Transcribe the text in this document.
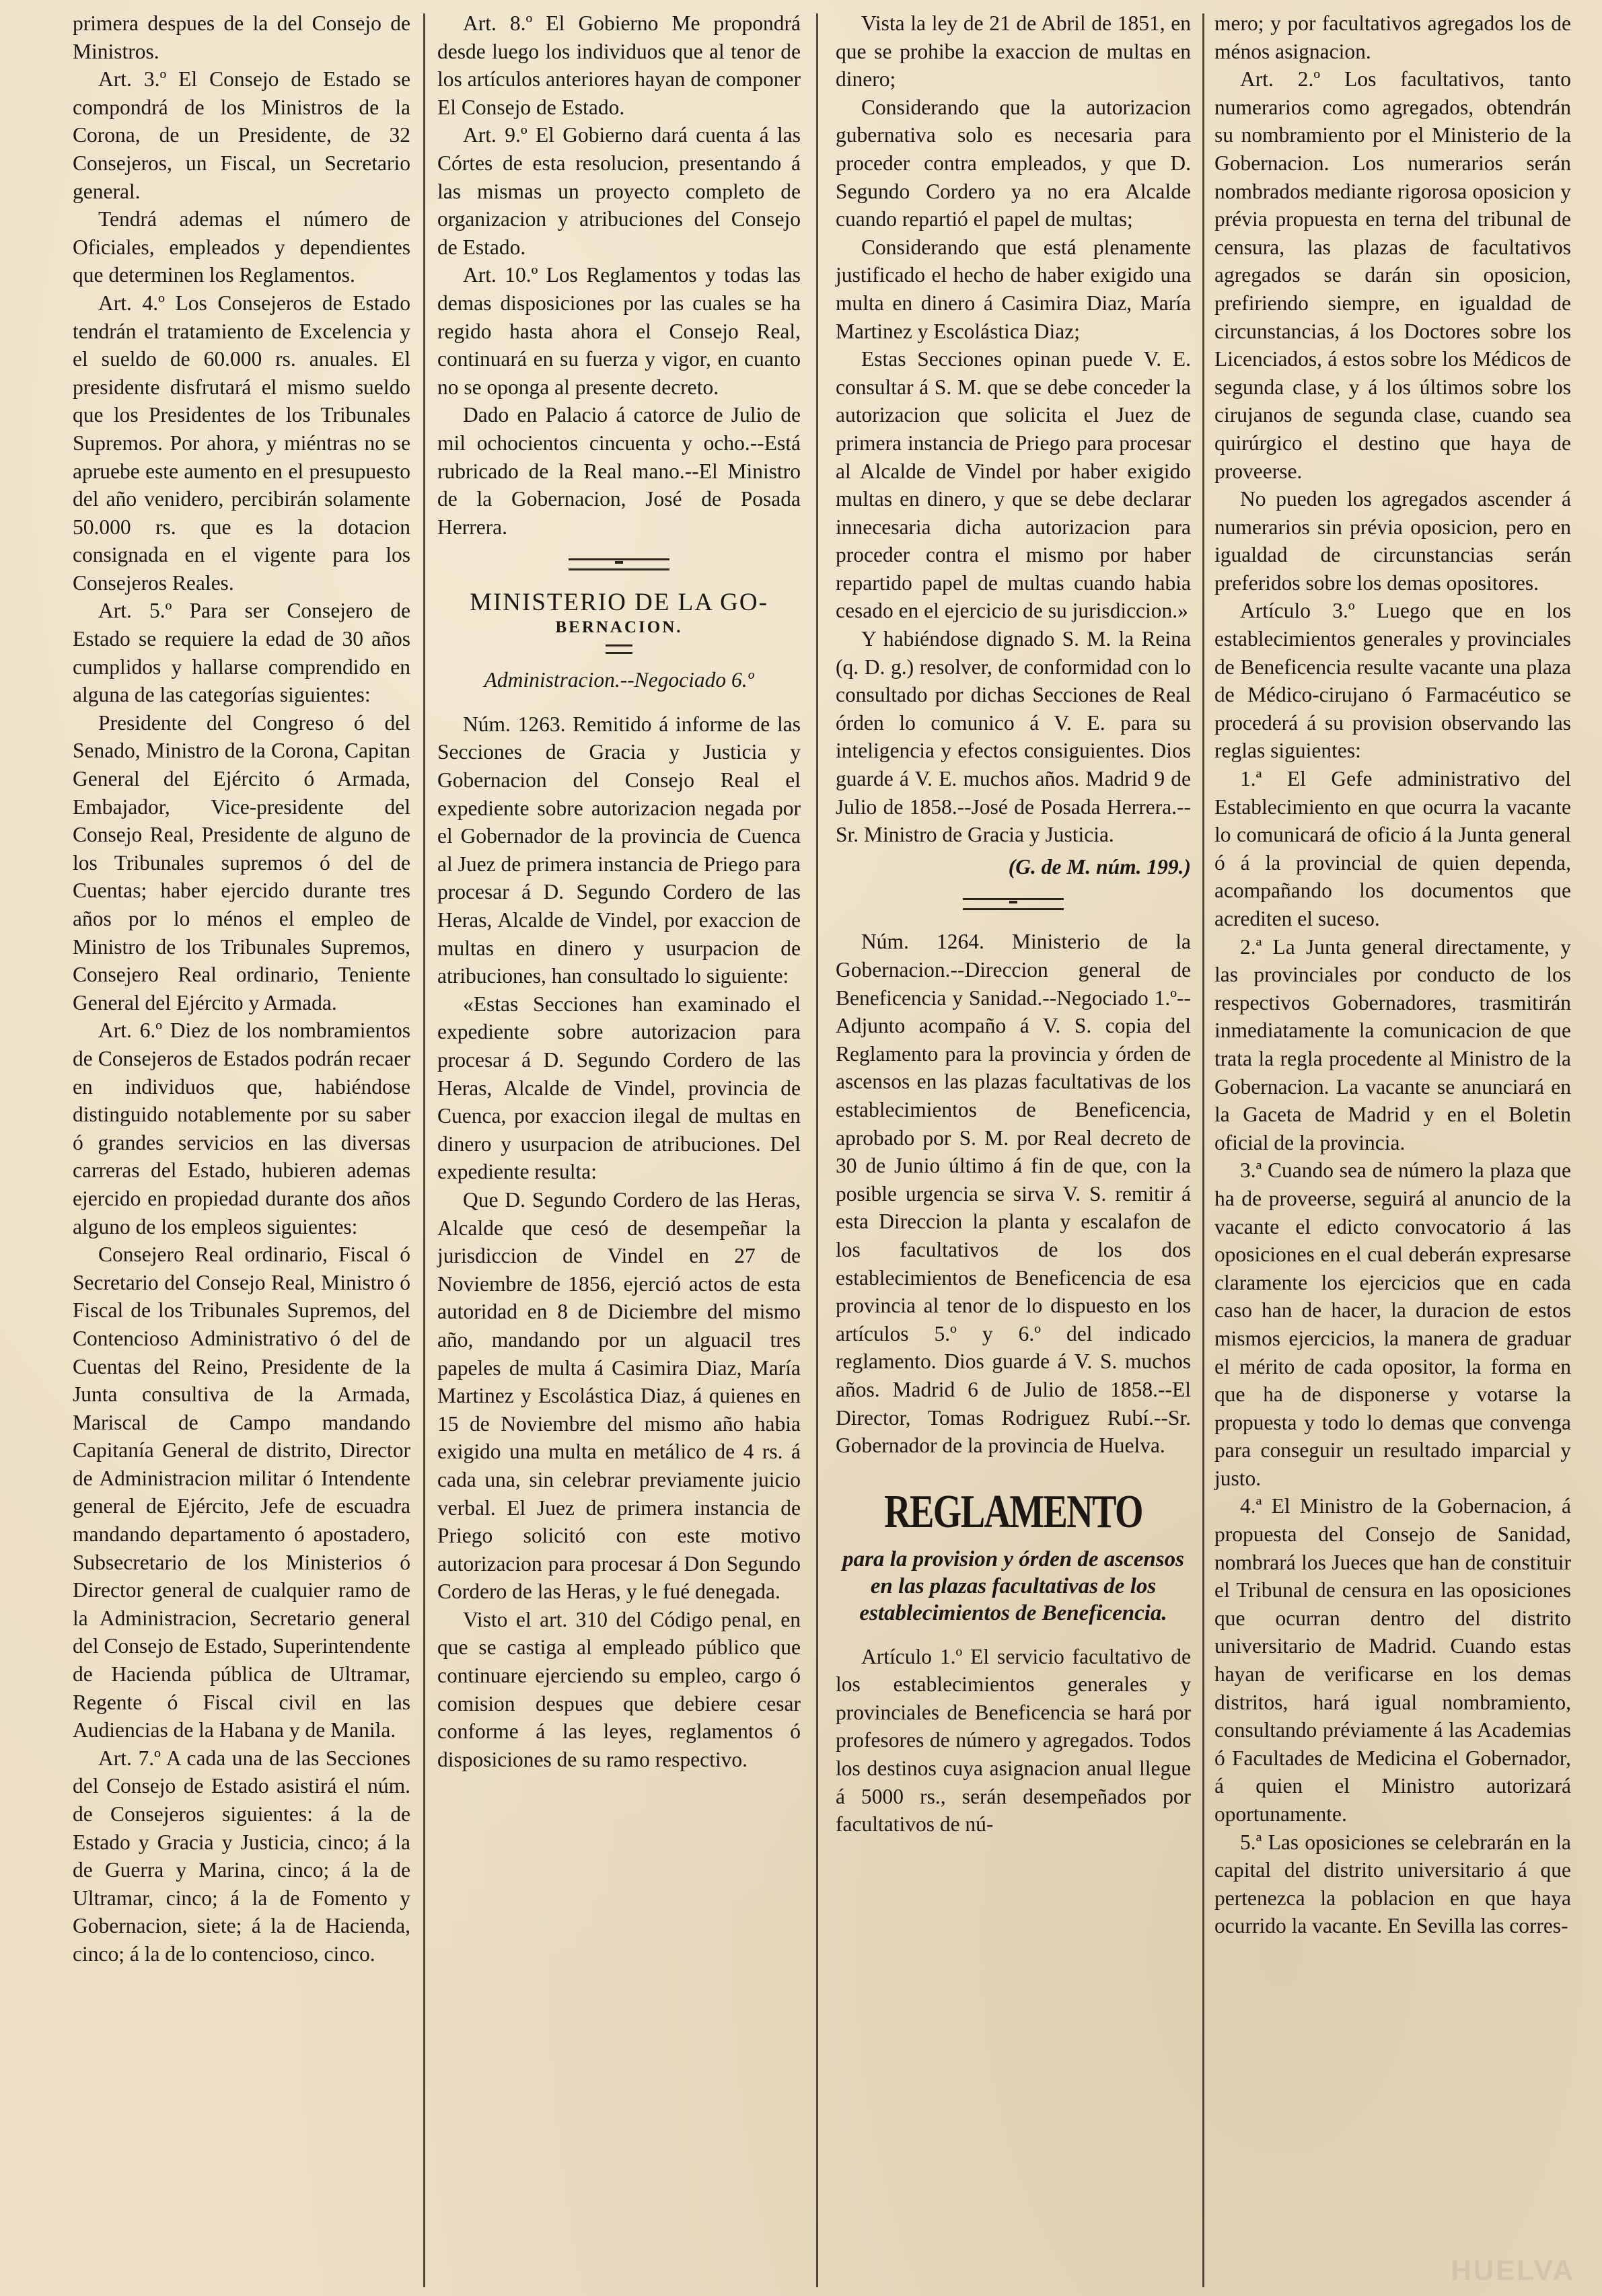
primera despues de la del Consejo de Ministros.

Art. 3.º El Consejo de Estado se compondrá de los Ministros de la Corona, de un Presidente, de 32 Consejeros, un Fiscal, un Secretario general.

Tendrá ademas el número de Oficiales, empleados y dependientes que determinen los Reglamentos.

Art. 4.º Los Consejeros de Estado tendrán el tratamiento de Excelencia y el sueldo de 60.000 rs. anuales. El presidente disfrutará el mismo sueldo que los Presidentes de los Tribunales Supremos. Por ahora, y miéntras no se apruebe este aumento en el presupuesto del año venidero, percibirán solamente 50.000 rs. que es la dotacion consignada en el vigente para los Consejeros Reales.

Art. 5.º Para ser Consejero de Estado se requiere la edad de 30 años cumplidos y hallarse comprendido en alguna de las categorías siguientes:

Presidente del Congreso ó del Senado, Ministro de la Corona, Capitan General del Ejército ó Armada, Embajador, Vice-presidente del Consejo Real, Presidente de alguno de los Tribunales supremos ó del de Cuentas; haber ejercido durante tres años por lo ménos el empleo de Ministro de los Tribunales Supremos, Consejero Real ordinario, Teniente General del Ejército y Armada.

Art. 6.º Diez de los nombramientos de Consejeros de Estados podrán recaer en individuos que, habiéndose distinguido notablemente por su saber ó grandes servicios en las diversas carreras del Estado, hubieren ademas ejercido en propiedad durante dos años alguno de los empleos siguientes:

Consejero Real ordinario, Fiscal ó Secretario del Consejo Real, Ministro ó Fiscal de los Tribunales Supremos, del Contencioso Administrativo ó del de Cuentas del Reino, Presidente de la Junta consultiva de la Armada, Mariscal de Campo mandando Capitanía General de distrito, Director de Administracion militar ó Intendente general de Ejército, Jefe de escuadra mandando departamento ó apostadero, Subsecretario de los Ministerios ó Director general de cualquier ramo de la Administracion, Secretario general del Consejo de Estado, Superintendente de Hacienda pública de Ultramar, Regente ó Fiscal civil en las Audiencias de la Habana y de Manila.

Art. 7.º A cada una de las Secciones del Consejo de Estado asistirá el núm. de Consejeros siguientes: á la de Estado y Gracia y Justicia, cinco; á la de Guerra y Marina, cinco; á la de Ultramar, cinco; á la de Fomento y Gobernacion, siete; á la de Hacienda, cinco; á la de lo contencioso, cinco.

Art. 8.º El Gobierno Me propondrá desde luego los individuos que al tenor de los artículos anteriores hayan de componer El Consejo de Estado.

Art. 9.º El Gobierno dará cuenta á las Córtes de esta resolucion, presentando á las mismas un proyecto completo de organizacion y atribuciones del Consejo de Estado.

Art. 10.º Los Reglamentos y todas las demas disposiciones por las cuales se ha regido hasta ahora el Consejo Real, continuará en su fuerza y vigor, en cuanto no se oponga al presente decreto.

Dado en Palacio á catorce de Julio de mil ochocientos cincuenta y ocho.--Está rubricado de la Real mano.--El Ministro de la Gobernacion, José de Posada Herrera.

MINISTERIO DE LA GO-
BERNACION.
Administracion.--Negociado 6.º

Núm. 1263. Remitido á informe de las Secciones de Gracia y Justicia y Gobernacion del Consejo Real el expediente sobre autorizacion negada por el Gobernador de la provincia de Cuenca al Juez de primera instancia de Priego para procesar á D. Segundo Cordero de las Heras, Alcalde de Vindel, por exaccion de multas en dinero y usurpacion de atribuciones, han consultado lo siguiente:

«Estas Secciones han examinado el expediente sobre autorizacion para procesar á D. Segundo Cordero de las Heras, Alcalde de Vindel, provincia de Cuenca, por exaccion ilegal de multas en dinero y usurpacion de atribuciones. Del expediente resulta:

Que D. Segundo Cordero de las Heras, Alcalde que cesó de desempeñar la jurisdiccion de Vindel en 27 de Noviembre de 1856, ejerció actos de esta autoridad en 8 de Diciembre del mismo año, mandando por un alguacil tres papeles de multa á Casimira Diaz, María Martinez y Escolástica Diaz, á quienes en 15 de Noviembre del mismo año habia exigido una multa en metálico de 4 rs. á cada una, sin celebrar previamente juicio verbal. El Juez de primera instancia de Priego solicitó con este motivo autorizacion para procesar á Don Segundo Cordero de las Heras, y le fué denegada.

Visto el art. 310 del Código penal, en que se castiga al empleado público que continuare ejerciendo su empleo, cargo ó comision despues que debiere cesar conforme á las leyes, reglamentos ó disposiciones de su ramo respectivo.

Vista la ley de 21 de Abril de 1851, en que se prohibe la exaccion de multas en dinero;

Considerando que la autorizacion gubernativa solo es necesaria para proceder contra empleados, y que D. Segundo Cordero ya no era Alcalde cuando repartió el papel de multas;

Considerando que está plenamente justificado el hecho de haber exigido una multa en dinero á Casimira Diaz, María Martinez y Escolástica Diaz;

Estas Secciones opinan puede V. E. consultar á S. M. que se debe conceder la autorizacion que solicita el Juez de primera instancia de Priego para procesar al Alcalde de Vindel por haber exigido multas en dinero, y que se debe declarar innecesaria dicha autorizacion para proceder contra el mismo por haber repartido papel de multas cuando habia cesado en el ejercicio de su jurisdiccion.»

Y habiéndose dignado S. M. la Reina (q. D. g.) resolver, de conformidad con lo consultado por dichas Secciones de Real órden lo comunico á V. E. para su inteligencia y efectos consiguientes. Dios guarde á V. E. muchos años. Madrid 9 de Julio de 1858.--José de Posada Herrera.--Sr. Ministro de Gracia y Justicia.

(G. de M. núm. 199.)

Núm. 1264. Ministerio de la Gobernacion.--Direccion general de Beneficencia y Sanidad.--Negociado 1.º--Adjunto acompaño á V. S. copia del Reglamento para la provincia y órden de ascensos en las plazas facultativas de los establecimientos de Beneficencia, aprobado por S. M. por Real decreto de 30 de Junio último á fin de que, con la posible urgencia se sirva V. S. remitir á esta Direccion la planta y escalafon de los facultativos de los dos establecimientos de Beneficencia de esa provincia al tenor de lo dispuesto en los artículos 5.º y 6.º del indicado reglamento. Dios guarde á V. S. muchos años. Madrid 6 de Julio de 1858.--El Director, Tomas Rodriguez Rubí.--Sr. Gobernador de la provincia de Huelva.

REGLAMENTO
para la provision y órden de ascensos en las plazas facultativas de los establecimientos de Beneficencia.

Artículo 1.º El servicio facultativo de los establecimientos generales y provinciales de Beneficencia se hará por profesores de número y agregados. Todos los destinos cuya asignacion anual llegue á 5000 rs., serán desempeñados por facultativos de nú-

mero; y por facultativos agregados los de ménos asignacion.

Art. 2.º Los facultativos, tanto numerarios como agregados, obtendrán su nombramiento por el Ministerio de la Gobernacion. Los numerarios serán nombrados mediante rigorosa oposicion y prévia propuesta en terna del tribunal de censura, las plazas de facultativos agregados se darán sin oposicion, prefiriendo siempre, en igualdad de circunstancias, á los Doctores sobre los Licenciados, á estos sobre los Médicos de segunda clase, y á los últimos sobre los cirujanos de segunda clase, cuando sea quirúrgico el destino que haya de proveerse.

No pueden los agregados ascender á numerarios sin prévia oposicion, pero en igualdad de circunstancias serán preferidos sobre los demas opositores.

Artículo 3.º Luego que en los establecimientos generales y provinciales de Beneficencia resulte vacante una plaza de Médico-cirujano ó Farmacéutico se procederá á su provision observando las reglas siguientes:

1.ª El Gefe administrativo del Establecimiento en que ocurra la vacante lo comunicará de oficio á la Junta general ó á la provincial de quien dependa, acompañando los documentos que acrediten el suceso.

2.ª La Junta general directamente, y las provinciales por conducto de los respectivos Gobernadores, trasmitirán inmediatamente la comunicacion de que trata la regla procedente al Ministro de la Gobernacion. La vacante se anunciará en la Gaceta de Madrid y en el Boletin oficial de la provincia.

3.ª Cuando sea de número la plaza que ha de proveerse, seguirá al anuncio de la vacante el edicto convocatorio á las oposiciones en el cual deberán expresarse claramente los ejercicios que en cada caso han de hacer, la duracion de estos mismos ejercicios, la manera de graduar el mérito de cada opositor, la forma en que ha de disponerse y votarse la propuesta y todo lo demas que convenga para conseguir un resultado imparcial y justo.

4.ª El Ministro de la Gobernacion, á propuesta del Consejo de Sanidad, nombrará los Jueces que han de constituir el Tribunal de censura en las oposiciones que ocurran dentro del distrito universitario de Madrid. Cuando estas hayan de verificarse en los demas distritos, hará igual nombramiento, consultando préviamente á las Academias ó Facultades de Medicina el Gobernador, á quien el Ministro autorizará oportunamente.

5.ª Las oposiciones se celebrarán en la capital del distrito universitario á que pertenezca la poblacion en que haya ocurrido la vacante. En Sevilla las corres-

HUELVA
